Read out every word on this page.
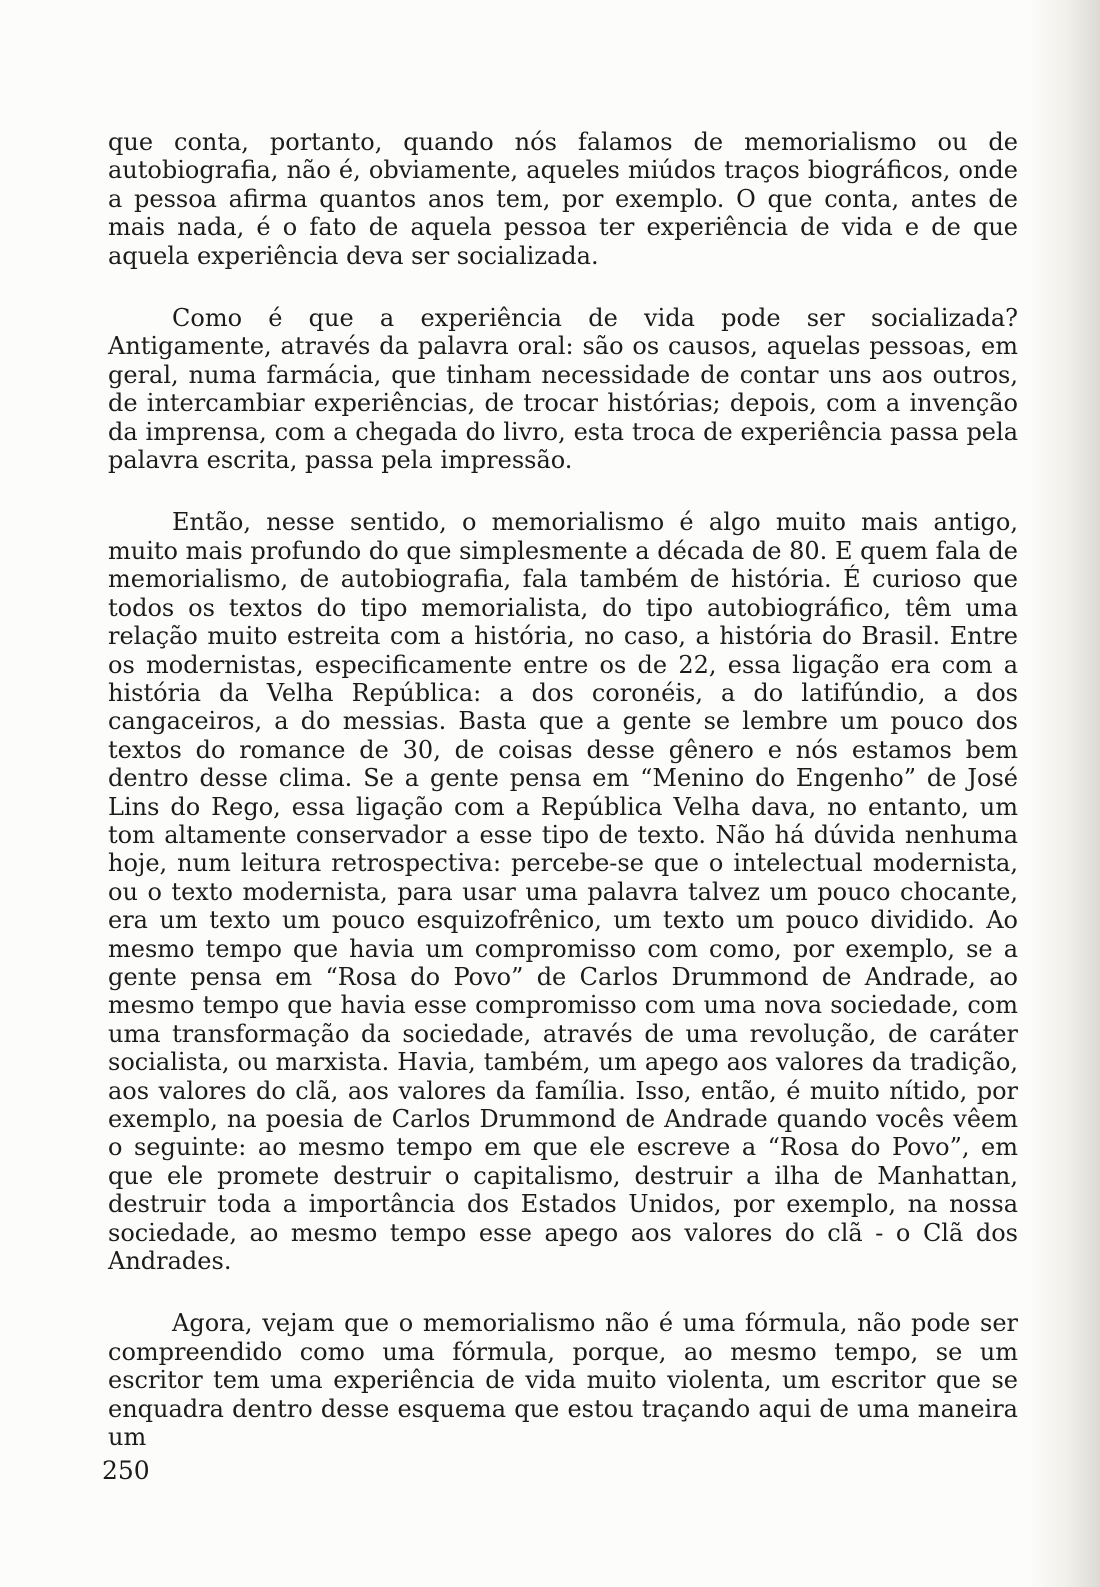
que conta, portanto, quando nós falamos de memorialismo ou de autobiografia, não é, obviamente, aqueles miúdos traços biográficos, onde a pessoa afirma quantos anos tem, por exemplo. O que conta, antes de mais nada, é o fato de aquela pessoa ter experiência de vida e de que aquela experiência deva ser socializada.

Como é que a experiência de vida pode ser socializada? Antigamente, através da palavra oral: são os causos, aquelas pessoas, em geral, numa farmácia, que tinham necessidade de contar uns aos outros, de intercambiar experiências, de trocar histórias; depois, com a invenção da imprensa, com a chegada do livro, esta troca de experiência passa pela palavra escrita, passa pela impressão.

Então, nesse sentido, o memorialismo é algo muito mais antigo, muito mais profundo do que simplesmente a década de 80. E quem fala de memorialismo, de autobiografia, fala também de história. É curioso que todos os textos do tipo memorialista, do tipo autobiográfico, têm uma relação muito estreita com a história, no caso, a história do Brasil. Entre os modernistas, especificamente entre os de 22, essa ligação era com a história da Velha República: a dos coronéis, a do latifúndio, a dos cangaceiros, a do messias. Basta que a gente se lembre um pouco dos textos do romance de 30, de coisas desse gênero e nós estamos bem dentro desse clima. Se a gente pensa em “Menino do Engenho” de José Lins do Rego, essa ligação com a República Velha dava, no entanto, um tom altamente conservador a esse tipo de texto. Não há dúvida nenhuma hoje, num leitura retrospectiva: percebe-se que o intelectual modernista, ou o texto modernista, para usar uma palavra talvez um pouco chocante, era um texto um pouco esquizofrênico, um texto um pouco dividido. Ao mesmo tempo que havia um compromisso com como, por exemplo, se a gente pensa em “Rosa do Povo” de Carlos Drummond de Andrade, ao mesmo tempo que havia esse compromisso com uma nova sociedade, com uma transformação da sociedade, através de uma revolução, de caráter socialista, ou marxista. Havia, também, um apego aos valores da tradição, aos valores do clã, aos valores da família. Isso, então, é muito nítido, por exemplo, na poesia de Carlos Drummond de Andrade quando vocês vêem o seguinte: ao mesmo tempo em que ele escreve a “Rosa do Povo”, em que ele promete destruir o capitalismo, destruir a ilha de Manhattan, destruir toda a importância dos Estados Unidos, por exemplo, na nossa sociedade, ao mesmo tempo esse apego aos valores do clã - o Clã dos Andrades.

Agora, vejam que o memorialismo não é uma fórmula, não pode ser compreendido como uma fórmula, porque, ao mesmo tempo, se um escritor tem uma experiência de vida muito violenta, um escritor que se enquadra dentro desse esquema que estou traçando aqui de uma maneira um

250
